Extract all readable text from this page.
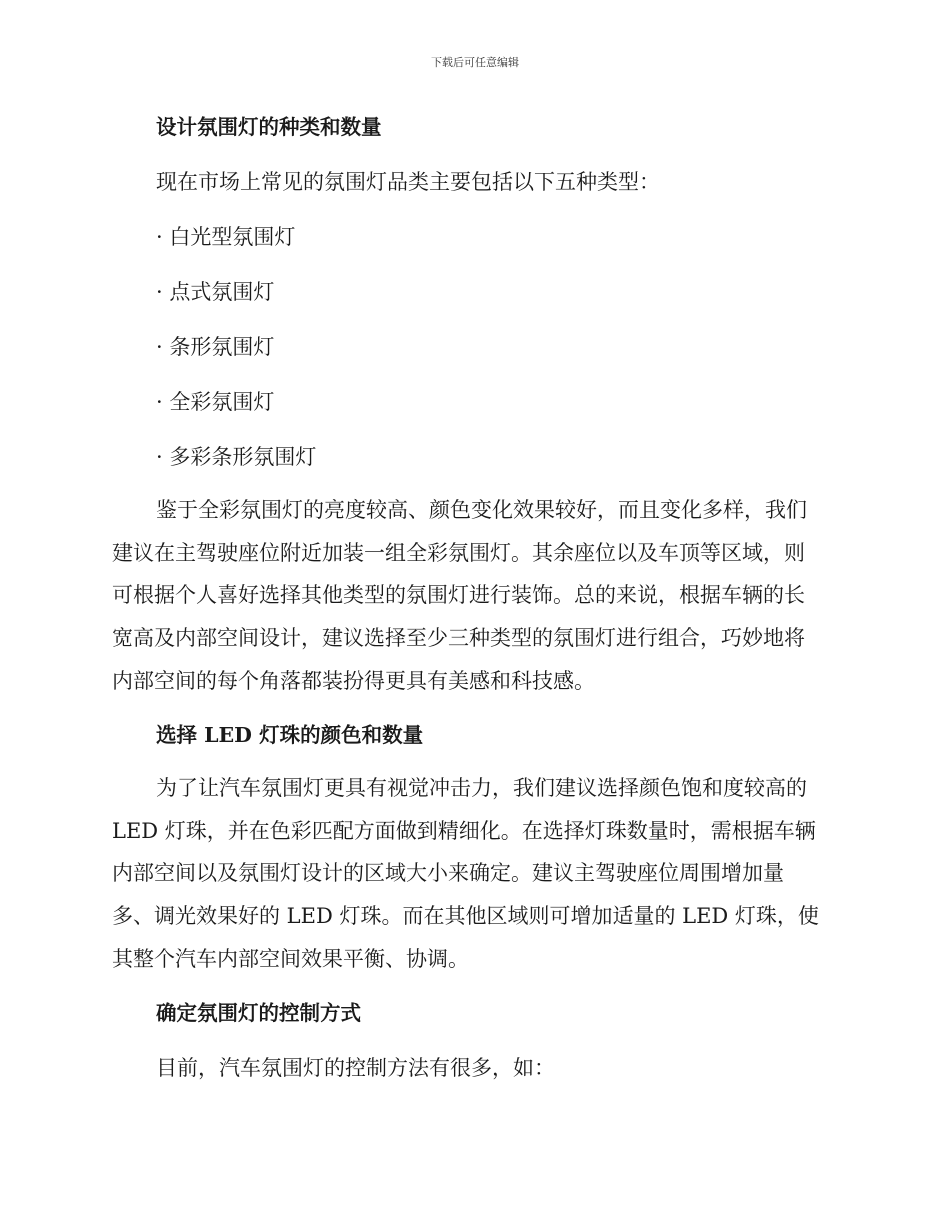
下载后可任意编辑
设计氛围灯的种类和数量
现在市场上常见的氛围灯品类主要包括以下五种类型：
· 白光型氛围灯
· 点式氛围灯
· 条形氛围灯
· 全彩氛围灯
· 多彩条形氛围灯
鉴于全彩氛围灯的亮度较高、颜色变化效果较好，而且变化多样，我们
建议在主驾驶座位附近加装一组全彩氛围灯。其余座位以及车顶等区域，则
可根据个人喜好选择其他类型的氛围灯进行装饰。总的来说，根据车辆的长
宽高及内部空间设计，建议选择至少三种类型的氛围灯进行组合，巧妙地将
内部空间的每个角落都装扮得更具有美感和科技感。
选择 LED 灯珠的颜色和数量
为了让汽车氛围灯更具有视觉冲击力，我们建议选择颜色饱和度较高的
LED 灯珠，并在色彩匹配方面做到精细化。在选择灯珠数量时，需根据车辆
内部空间以及氛围灯设计的区域大小来确定。建议主驾驶座位周围增加量
多、调光效果好的 LED 灯珠。而在其他区域则可增加适量的 LED 灯珠，使
其整个汽车内部空间效果平衡、协调。
确定氛围灯的控制方式
目前，汽车氛围灯的控制方法有很多，如：
